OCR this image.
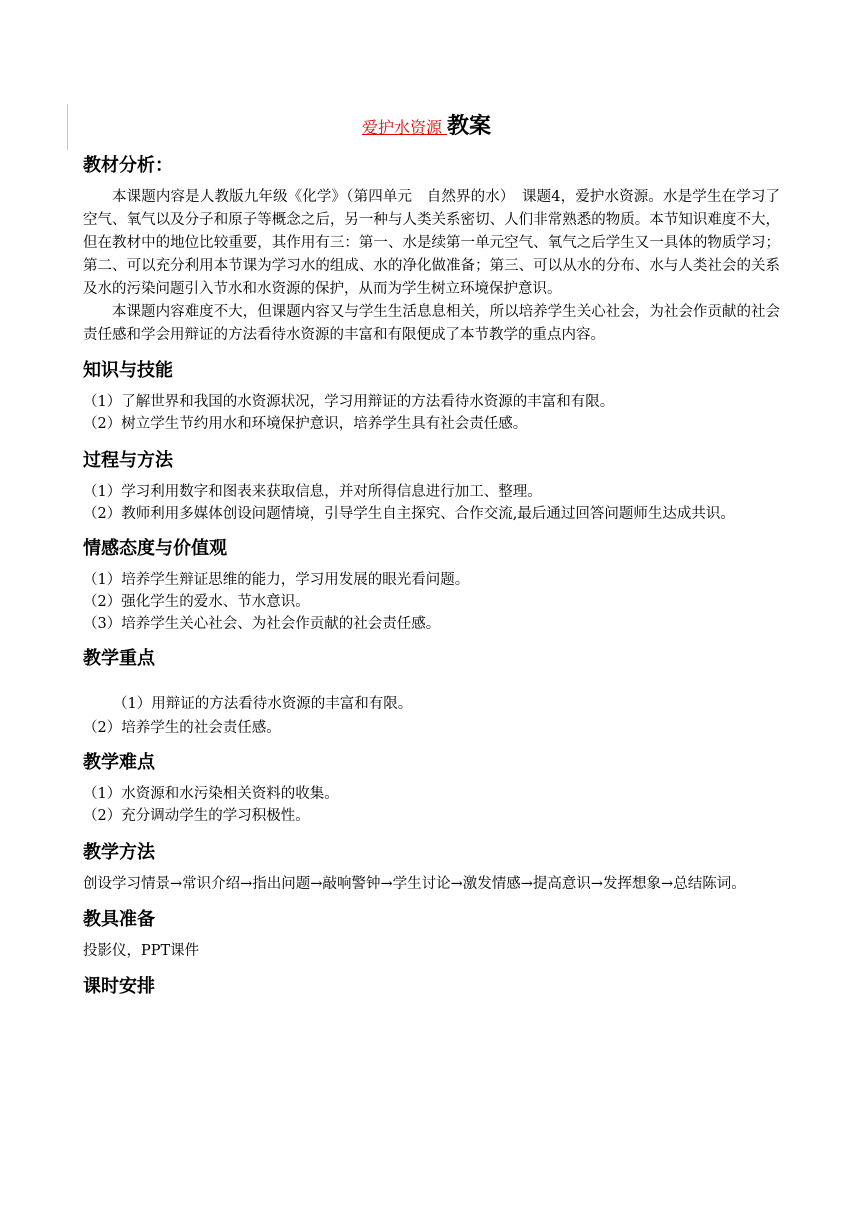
爱护水资源 教案
教材分析：

本课题内容是人教版九年级《化学》（第四单元　自然界的水）　课题4，爱护水资源。水是学生在学习了空气、氧气以及分子和原子等概念之后，另一种与人类关系密切、人们非常熟悉的物质。本节知识难度不大，但在教材中的地位比较重要，其作用有三：第一、水是续第一单元空气、氧气之后学生又一具体的物质学习；第二、可以充分利用本节课为学习水的组成、水的净化做准备；第三、可以从水的分布、水与人类社会的关系及水的污染问题引入节水和水资源的保护，从而为学生树立环境保护意识。

本课题内容难度不大，但课题内容又与学生生活息息相关，所以培养学生关心社会，为社会作贡献的社会责任感和学会用辩证的方法看待水资源的丰富和有限便成了本节教学的重点内容。

知识与技能

（1）了解世界和我国的水资源状况，学习用辩证的方法看待水资源的丰富和有限。

（2）树立学生节约用水和环境保护意识，培养学生具有社会责任感。

过程与方法

（1）学习利用数字和图表来获取信息，并对所得信息进行加工、整理。

（2）教师利用多媒体创设问题情境，引导学生自主探究、合作交流,最后通过回答问题师生达成共识。

情感态度与价值观

（1）培养学生辩证思维的能力，学习用发展的眼光看问题。

（2）强化学生的爱水、节水意识。

（3）培养学生关心社会、为社会作贡献的社会责任感。

教学重点

（1）用辩证的方法看待水资源的丰富和有限。

（2）培养学生的社会责任感。

教学难点

（1）水资源和水污染相关资料的收集。

（2）充分调动学生的学习积极性。

教学方法

创设学习情景→常识介绍→指出问题→敲响警钟→学生讨论→激发情感→提高意识→发挥想象→总结陈词。

教具准备

投影仪，PPT课件

课时安排
